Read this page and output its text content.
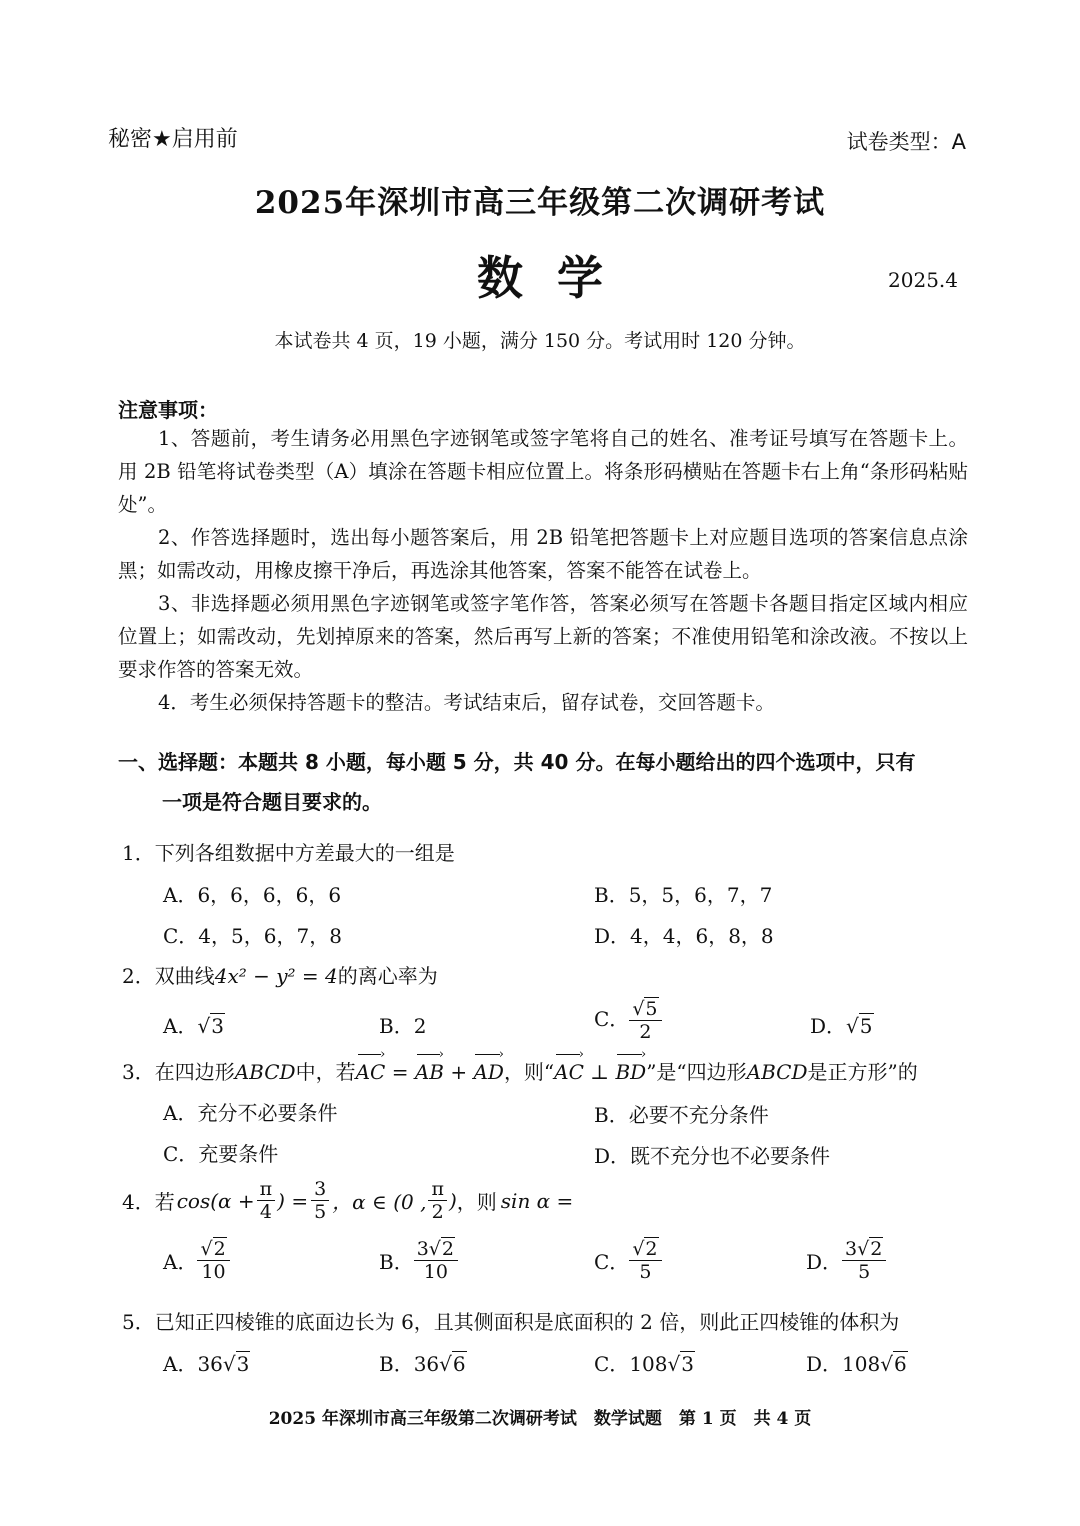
秘密★启用前	试卷类型：A
2025年深圳市高三年级第二次调研考试
数学	2025.4
本试卷共 4 页，19 小题，满分 150 分。考试用时 120 分钟。
注意事项：

1、答题前，考生请务必用黑色字迹钢笔或签字笔将自己的姓名、准考证号填写在答题卡上。用 2B 铅笔将试卷类型（A）填涂在答题卡相应位置上。将条形码横贴在答题卡右上角“条形码粘贴处”。

2、作答选择题时，选出每小题答案后，用 2B 铅笔把答题卡上对应题目选项的答案信息点涂黑；如需改动，用橡皮擦干净后，再选涂其他答案，答案不能答在试卷上。

3、非选择题必须用黑色字迹钢笔或签字笔作答，答案必须写在答题卡各题目指定区域内相应位置上；如需改动，先划掉原来的答案，然后再写上新的答案；不准使用铅笔和涂改液。不按以上要求作答的答案无效。

4．考生必须保持答题卡的整洁。考试结束后，留存试卷，交回答题卡。

一、选择题：本题共 8 小题，每小题 5 分，共 40 分。在每小题给出的四个选项中，只有
一项是符合题目要求的。
1．下列各组数据中方差最大的一组是
A．6，6，6，6，6	B．5，5，6，7，7
C．4，5，6，7，8	D．4，4，6，8，8
2．双曲线4x² − y² = 4的离心率为
A．√3	B．2	C． $\frac{√5}{2}$	D．√5
3．在四边形ABCD中，若
›
AC =
›
AB +
›
AD，则“
›
AC ⊥
›
BD”是“四边形ABCD是正方形”的
A．充分不必要条件	B．必要不充分条件
C．充要条件	D．既不充分也不必要条件
4． 若 $\cos(\alpha + \frac{\pi}{4}$ ) = $\frac{3}{5}$ ，α ∈ (0 , $\frac{\pi}{2}$ ) ，则 sin α =
A． $\frac{√2}{10}$	B． $\frac{3√2}{10}$	C． $\frac{√2}{5}$	D． $\frac{3√2}{5}$
5．已知正四棱锥的底面边长为 6，且其侧面积是底面积的 2 倍，则此正四棱锥的体积为
A．36√3	B．36√6	C．108√3	D．108√6
2025 年深圳市高三年级第二次调研考试　数学试题　第 1 页　共 4 页
